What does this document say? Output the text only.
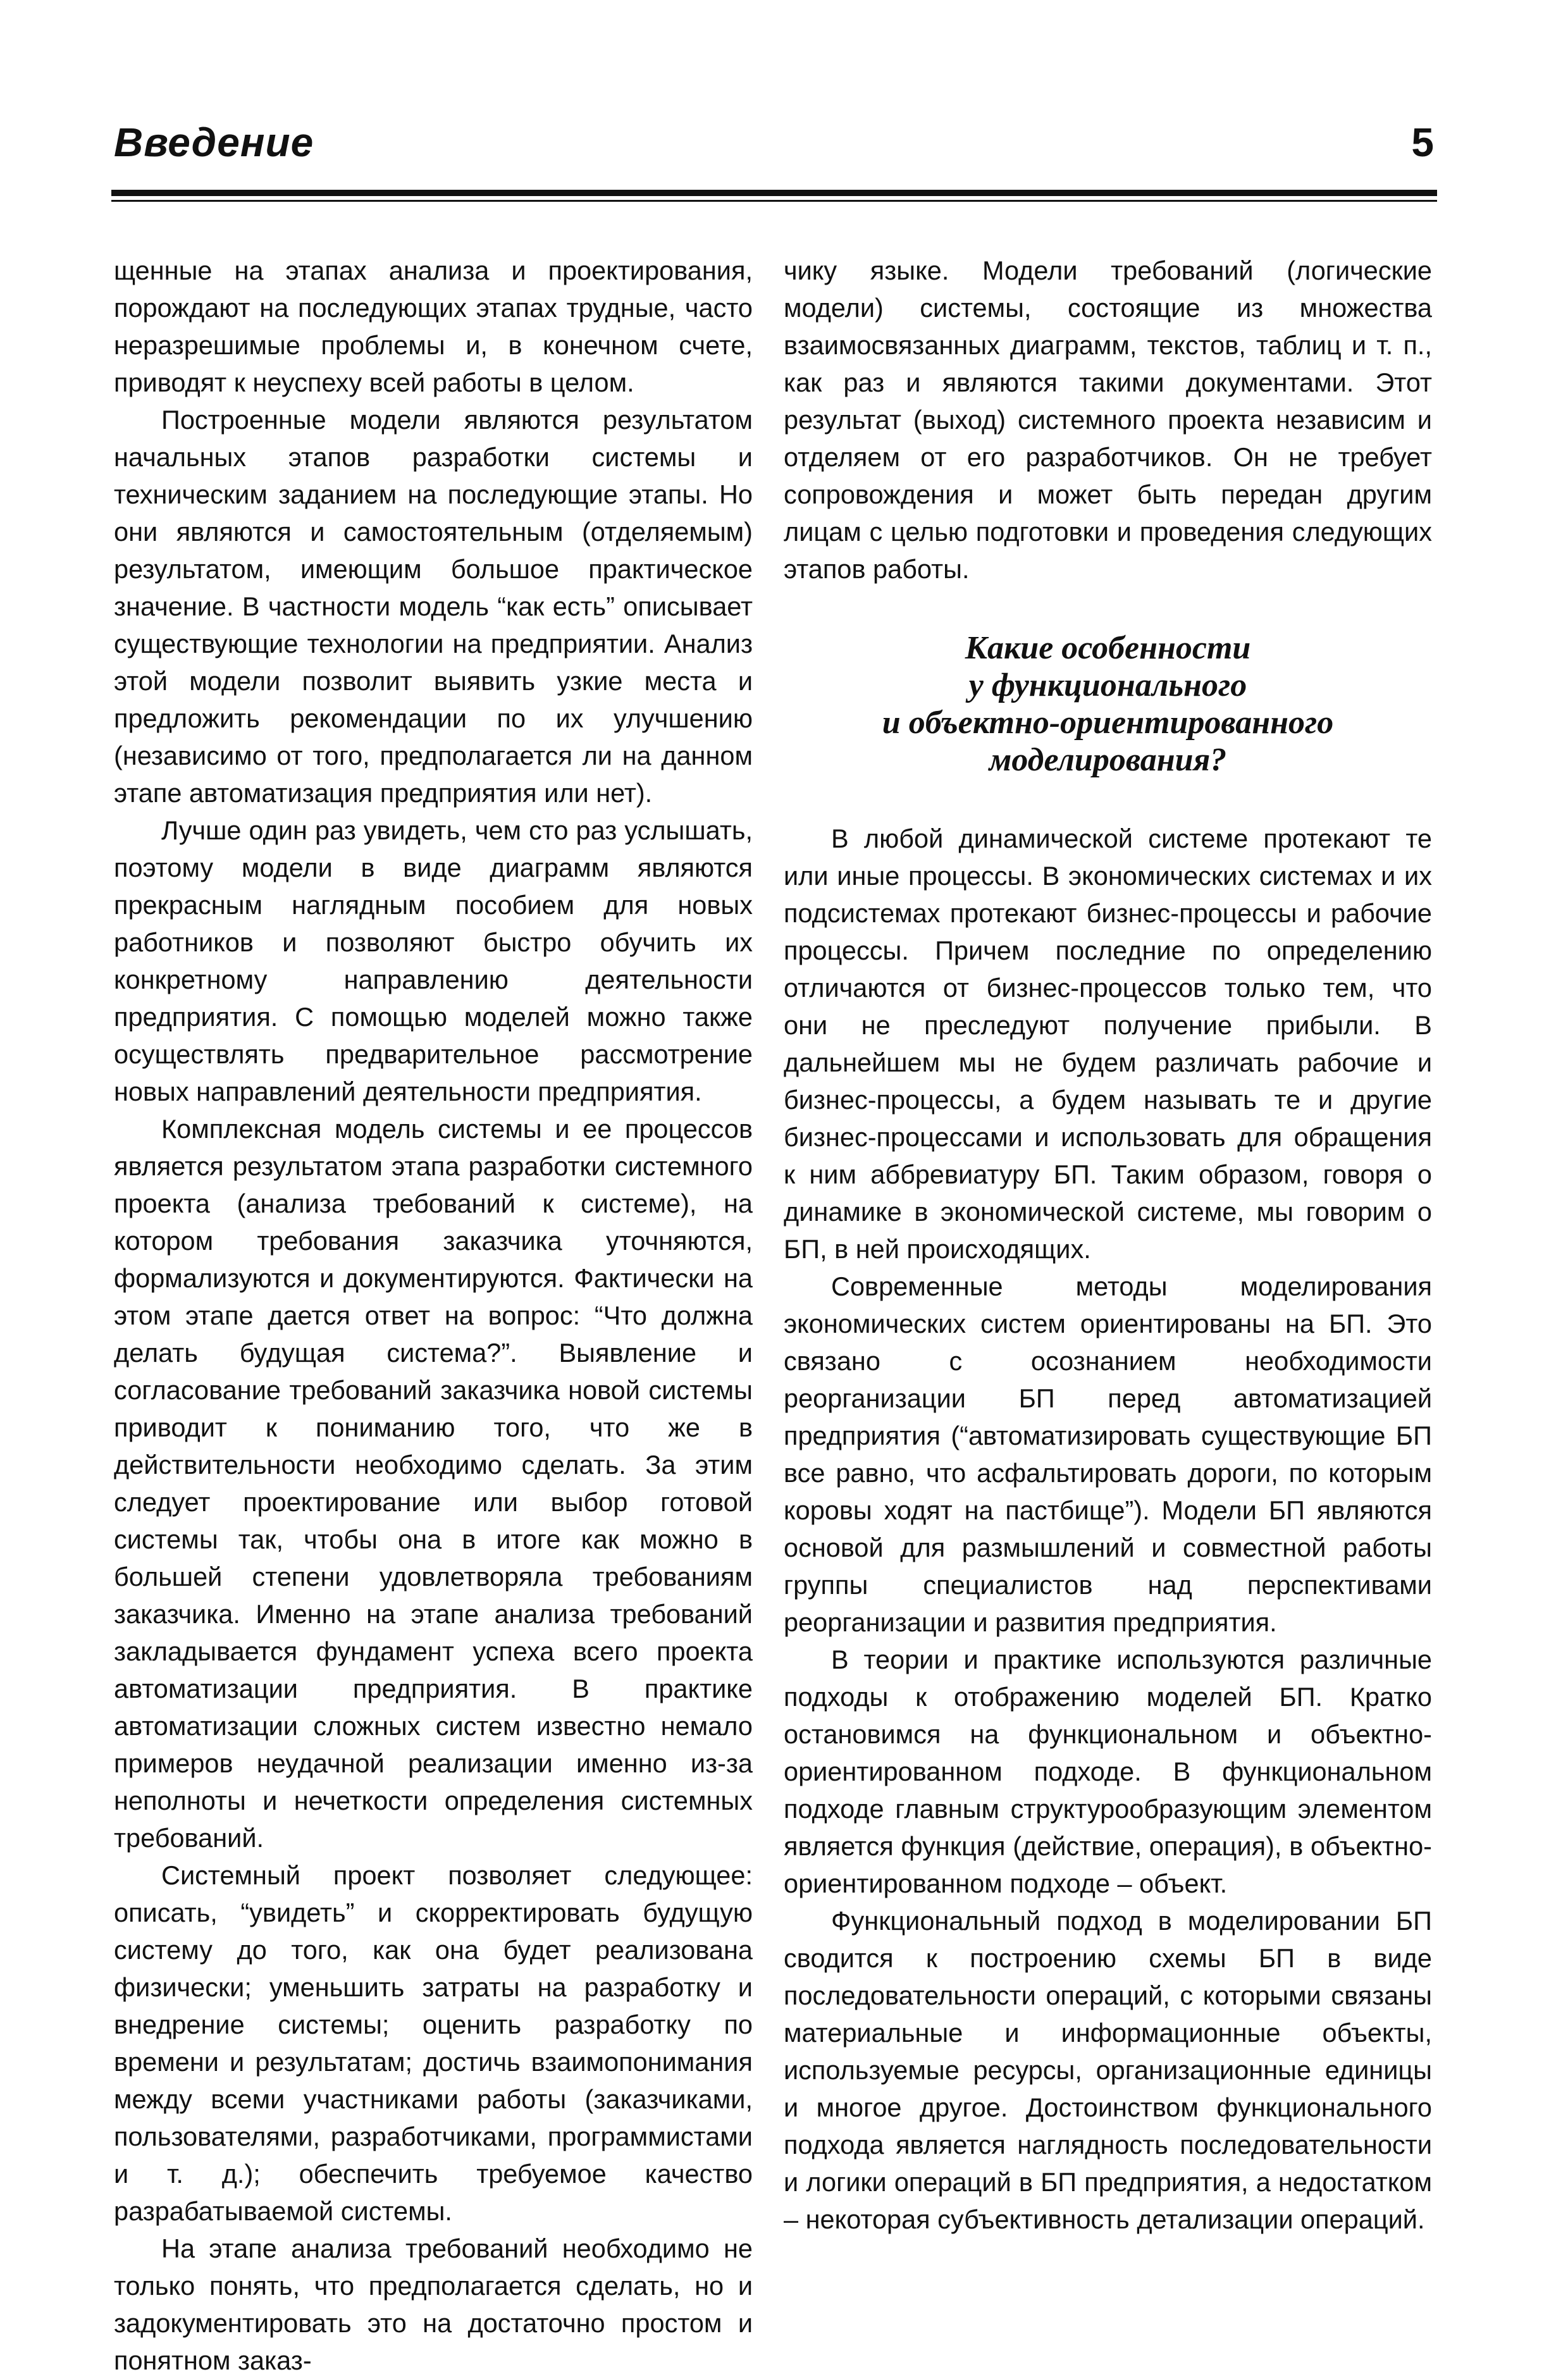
Введение	5

щенные на этапах анализа и проектирования, порождают на последующих этапах трудные, часто неразрешимые проблемы и, в конечном счете, приводят к неуспеху всей работы в целом.

Построенные модели являются результатом начальных этапов разработки системы и техническим заданием на последующие этапы. Но они являются и самостоятельным (отделяемым) результатом, имеющим большое практическое значение. В частности модель “как есть” описывает существующие технологии на предприятии. Анализ этой модели позволит выявить узкие места и предложить рекомендации по их улучшению (независимо от того, предполагается ли на данном этапе автоматизация предприятия или нет).

Лучше один раз увидеть, чем сто раз услышать, поэтому модели в виде диаграмм являются прекрасным наглядным пособием для новых работников и позволяют быстро обучить их конкретному направлению деятельности предприятия. С помощью моделей можно также осуществлять предварительное рассмотрение новых направлений деятельности предприятия.

Комплексная модель системы и ее процессов является результатом этапа разработки системного проекта (анализа требований к системе), на котором требования заказчика уточняются, формализуются и документируются. Фактически на этом этапе дается ответ на вопрос: “Что должна делать будущая система?”. Выявление и согласование требований заказчика новой системы приводит к пониманию того, что же в действительности необходимо сделать. За этим следует проектирование или выбор готовой системы так, чтобы она в итоге как можно в большей степени удовлетворяла требованиям заказчика. Именно на этапе анализа требований закладывается фундамент успеха всего проекта автоматизации предприятия. В практике автоматизации сложных систем известно немало примеров неудачной реализации именно из-за неполноты и нечеткости определения системных требований.

Системный проект позволяет следующее: описать, “увидеть” и скорректировать будущую систему до того, как она будет реализована физически; уменьшить затраты на разработку и внедрение системы; оценить разработку по времени и результатам; достичь взаимопонимания между всеми участниками работы (заказчиками, пользователями, разработчиками, программистами и т. д.); обеспечить требуемое качество разрабатываемой системы.

На этапе анализа требований необходимо не только понять, что предполагается сделать, но и задокументировать это на достаточно простом и понятном заказ-

чику языке. Модели требований (логические модели) системы, состоящие из множества взаимосвязанных диаграмм, текстов, таблиц и т. п., как раз и являются такими документами. Этот результат (выход) системного проекта независим и отделяем от его разработчиков. Он не требует сопровождения и может быть передан другим лицам с целью подготовки и проведения следующих этапов работы.

Какие особенности
у функционального
и объектно-ориентированного
моделирования?

В любой динамической системе протекают те или иные процессы. В экономических системах и их подсистемах протекают бизнес-процессы и рабочие процессы. Причем последние по определению отличаются от бизнес-процессов только тем, что они не преследуют получение прибыли. В дальнейшем мы не будем различать рабочие и бизнес-процессы, а будем называть те и другие бизнес-процессами и использовать для обращения к ним аббревиатуру БП. Таким образом, говоря о динамике в экономической системе, мы говорим о БП, в ней происходящих.

Современные методы моделирования экономических систем ориентированы на БП. Это связано с осознанием необходимости реорганизации БП перед автоматизацией предприятия (“автоматизировать существующие БП все равно, что асфальтировать дороги, по которым коровы ходят на пастбище”). Модели БП являются основой для размышлений и совместной работы группы специалистов над перспективами реорганизации и развития предприятия.

В теории и практике используются различные подходы к отображению моделей БП. Кратко остановимся на функциональном и объектно-ориентированном подходе. В функциональном подходе главным структурообразующим элементом является функция (действие, операция), в объектно-ориентированном подходе – объект.

Функциональный подход в моделировании БП сводится к построению схемы БП в виде последовательности операций, с которыми связаны материальные и информационные объекты, используемые ресурсы, организационные единицы и многое другое. Достоинством функционального подхода является наглядность последовательности и логики операций в БП предприятия, а недостатком – некоторая субъективность детализации операций.
